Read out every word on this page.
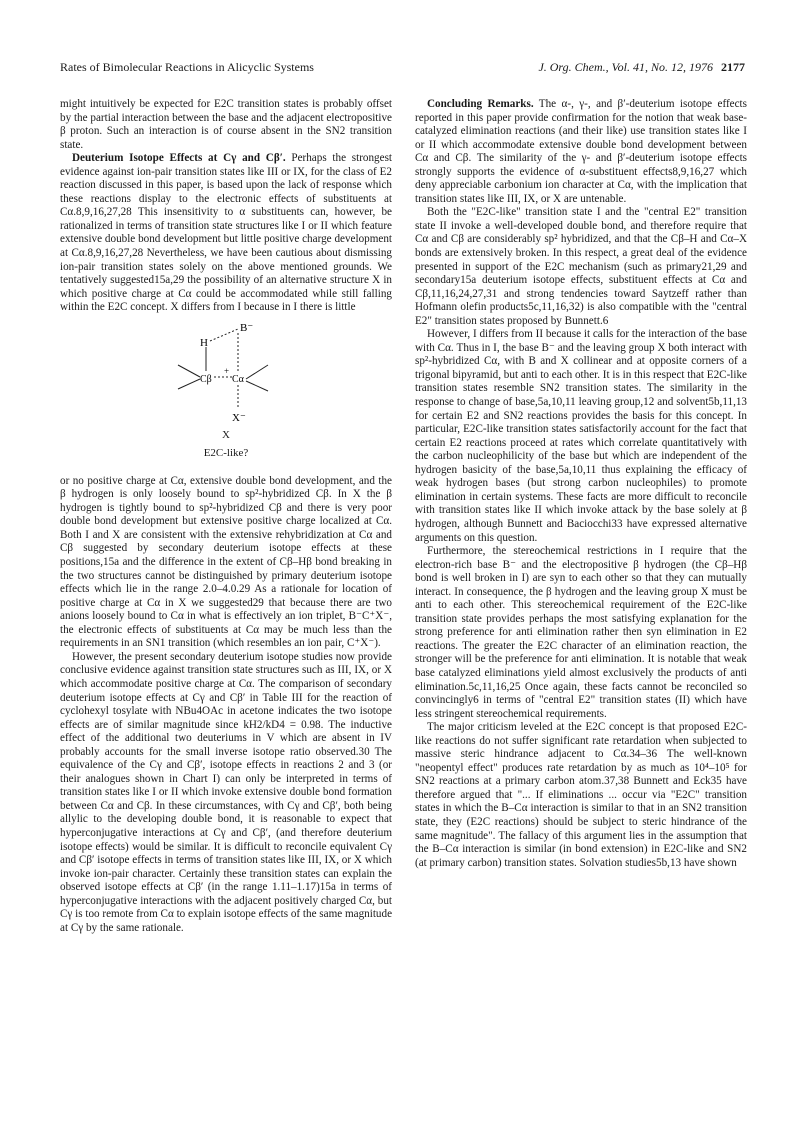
Rates of Bimolecular Reactions in Alicyclic Systems	J. Org. Chem., Vol. 41, No. 12, 1976 2177

might intuitively be expected for E2C transition states is probably offset by the partial interaction between the base and the adjacent electropositive β proton. Such an interaction is of course absent in the SN2 transition state.

Deuterium Isotope Effects at Cγ and Cβ′. Perhaps the strongest evidence against ion-pair transition states like III or IX, for the class of E2 reaction discussed in this paper, is based upon the lack of response which these reactions display to the electronic effects of substituents at Cα.8,9,16,27,28 This insensitivity to α substituents can, however, be rationalized in terms of transition state structures like I or II which feature extensive double bond development but little positive charge development at Cα.8,9,16,27,28 Nevertheless, we have been cautious about dismissing ion-pair transition states solely on the above mentioned grounds. We tentatively suggested15a,29 the possibility of an alternative structure X in which positive charge at Cα could be accommodated while still falling within the E2C concept. X differs from I because in I there is little

B⁻
H
Cβ
+
Cα
X⁻
X
E2C-like?

or no positive charge at Cα, extensive double bond development, and the β hydrogen is only loosely bound to sp²-hybridized Cβ. In X the β hydrogen is tightly bound to sp²-hybridized Cβ and there is very poor double bond development but extensive positive charge localized at Cα. Both I and X are consistent with the extensive rehybridization at Cα and Cβ suggested by secondary deuterium isotope effects at these positions,15a and the difference in the extent of Cβ–Hβ bond breaking in the two structures cannot be distinguished by primary deuterium isotope effects which lie in the range 2.0–4.0.29 As a rationale for location of positive charge at Cα in X we suggested29 that because there are two anions loosely bound to Cα in what is effectively an ion triplet, B⁻C⁺X⁻, the electronic effects of substituents at Cα may be much less than the requirements in an SN1 transition (which resembles an ion pair, C⁺X⁻).

However, the present secondary deuterium isotope studies now provide conclusive evidence against transition state structures such as III, IX, or X which accommodate positive charge at Cα. The comparison of secondary deuterium isotope effects at Cγ and Cβ′ in Table III for the reaction of cyclohexyl tosylate with NBu4OAc in acetone indicates the two isotope effects are of similar magnitude since kH2/kD4 = 0.98. The inductive effect of the additional two deuteriums in V which are absent in IV probably accounts for the small inverse isotope ratio observed.30 The equivalence of the Cγ and Cβ′, isotope effects in reactions 2 and 3 (or their analogues shown in Chart I) can only be interpreted in terms of transition states like I or II which invoke extensive double bond formation between Cα and Cβ. In these circumstances, with Cγ and Cβ′, both being allylic to the developing double bond, it is reasonable to expect that hyperconjugative interactions at Cγ and Cβ′, (and therefore deuterium isotope effects) would be similar. It is difficult to reconcile equivalent Cγ and Cβ′ isotope effects in terms of transition states like III, IX, or X which invoke ion-pair character. Certainly these transition states can explain the observed isotope effects at Cβ′ (in the range 1.11–1.17)15a in terms of hyperconjugative interactions with the adjacent positively charged Cα, but Cγ is too remote from Cα to explain isotope effects of the same magnitude at Cγ by the same rationale.

Concluding Remarks. The α-, γ-, and β′-deuterium isotope effects reported in this paper provide confirmation for the notion that weak base-catalyzed elimination reactions (and their like) use transition states like I or II which accommodate extensive double bond development between Cα and Cβ. The similarity of the γ- and β′-deuterium isotope effects strongly supports the evidence of α-substituent effects8,9,16,27 which deny appreciable carbonium ion character at Cα, with the implication that transition states like III, IX, or X are untenable.

Both the "E2C-like" transition state I and the "central E2" transition state II invoke a well-developed double bond, and therefore require that Cα and Cβ are considerably sp² hybridized, and that the Cβ–H and Cα–X bonds are extensively broken. In this respect, a great deal of the evidence presented in support of the E2C mechanism (such as primary21,29 and secondary15a deuterium isotope effects, substituent effects at Cα and Cβ,11,16,24,27,31 and strong tendencies toward Saytzeff rather than Hofmann olefin products5c,11,16,32) is also compatible with the "central E2" transition states proposed by Bunnett.6

However, I differs from II because it calls for the interaction of the base with Cα. Thus in I, the base B⁻ and the leaving group X both interact with sp²-hybridized Cα, with B and X collinear and at opposite corners of a trigonal bipyramid, but anti to each other. It is in this respect that E2C-like transition states resemble SN2 transition states. The similarity in the response to change of base,5a,10,11 leaving group,12 and solvent5b,11,13 for certain E2 and SN2 reactions provides the basis for this concept. In particular, E2C-like transition states satisfactorily account for the fact that certain E2 reactions proceed at rates which correlate quantitatively with the carbon nucleophilicity of the base but which are independent of the hydrogen basicity of the base,5a,10,11 thus explaining the efficacy of weak hydrogen bases (but strong carbon nucleophiles) to promote elimination in certain systems. These facts are more difficult to reconcile with transition states like II which invoke attack by the base solely at β hydrogen, although Bunnett and Baciocchi33 have expressed alternative arguments on this question.

Furthermore, the stereochemical restrictions in I require that the electron-rich base B⁻ and the electropositive β hydrogen (the Cβ–Hβ bond is well broken in I) are syn to each other so that they can mutually interact. In consequence, the β hydrogen and the leaving group X must be anti to each other. This stereochemical requirement of the E2C-like transition state provides perhaps the most satisfying explanation for the strong preference for anti elimination rather then syn elimination in E2 reactions. The greater the E2C character of an elimination reaction, the stronger will be the preference for anti elimination. It is notable that weak base catalyzed eliminations yield almost exclusively the products of anti elimination.5c,11,16,25 Once again, these facts cannot be reconciled so convincingly6 in terms of "central E2" transition states (II) which have less stringent stereochemical requirements.

The major criticism leveled at the E2C concept is that proposed E2C-like reactions do not suffer significant rate retardation when subjected to massive steric hindrance adjacent to Cα.34–36 The well-known "neopentyl effect" produces rate retardation by as much as 10⁴–10⁵ for SN2 reactions at a primary carbon atom.37,38 Bunnett and Eck35 have therefore argued that "... If eliminations ... occur via "E2C" transition states in which the B–Cα interaction is similar to that in an SN2 transition state, they (E2C reactions) should be subject to steric hindrance of the same magnitude". The fallacy of this argument lies in the assumption that the B–Cα interaction is similar (in bond extension) in E2C-like and SN2 (at primary carbon) transition states. Solvation studies5b,13 have shown
